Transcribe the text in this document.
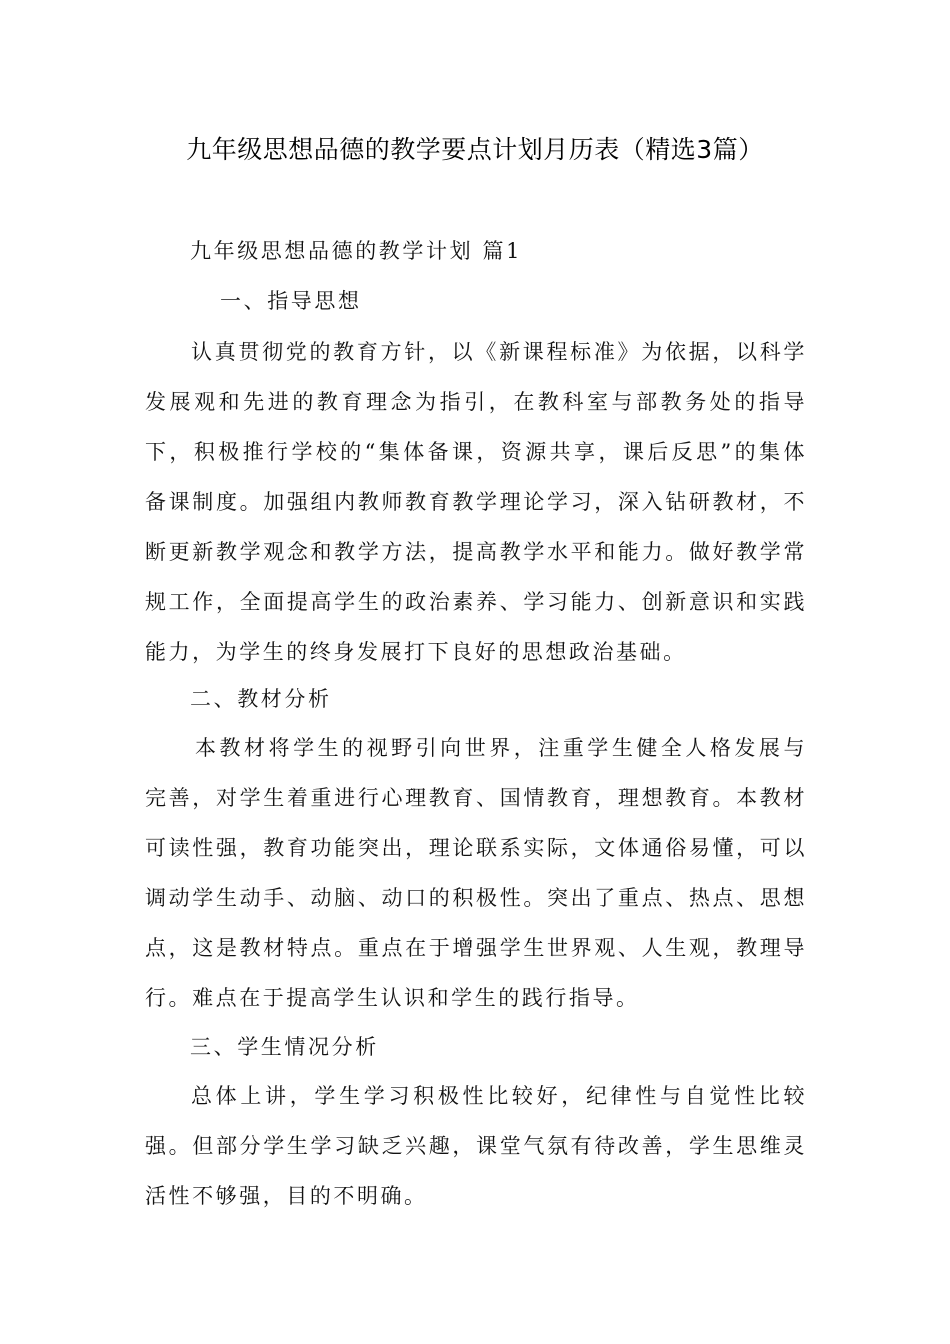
九年级思想品德的教学要点计划月历表（精选3篇）
九年级思想品德的教学计划 篇1
一、指导思想
认真贯彻党的教育方针，以《新课程标准》为依据，以科学发展观和先进的教育理念为指引，在教科室与部教务处的指导下，积极推行学校的“集体备课，资源共享，课后反思”的集体备课制度。加强组内教师教育教学理论学习，深入钻研教材，不断更新教学观念和教学方法，提高教学水平和能力。做好教学常规工作，全面提高学生的政治素养、学习能力、创新意识和实践能力，为学生的终身发展打下良好的思想政治基础。
二、教材分析
本教材将学生的视野引向世界，注重学生健全人格发展与完善，对学生着重进行心理教育、国情教育，理想教育。本教材可读性强，教育功能突出，理论联系实际，文体通俗易懂，可以调动学生动手、动脑、动口的积极性。突出了重点、热点、思想点，这是教材特点。重点在于增强学生世界观、人生观，教理导行。难点在于提高学生认识和学生的践行指导。
三、学生情况分析
总体上讲，学生学习积极性比较好，纪律性与自觉性比较强。但部分学生学习缺乏兴趣，课堂气氛有待改善，学生思维灵活性不够强，目的不明确。
